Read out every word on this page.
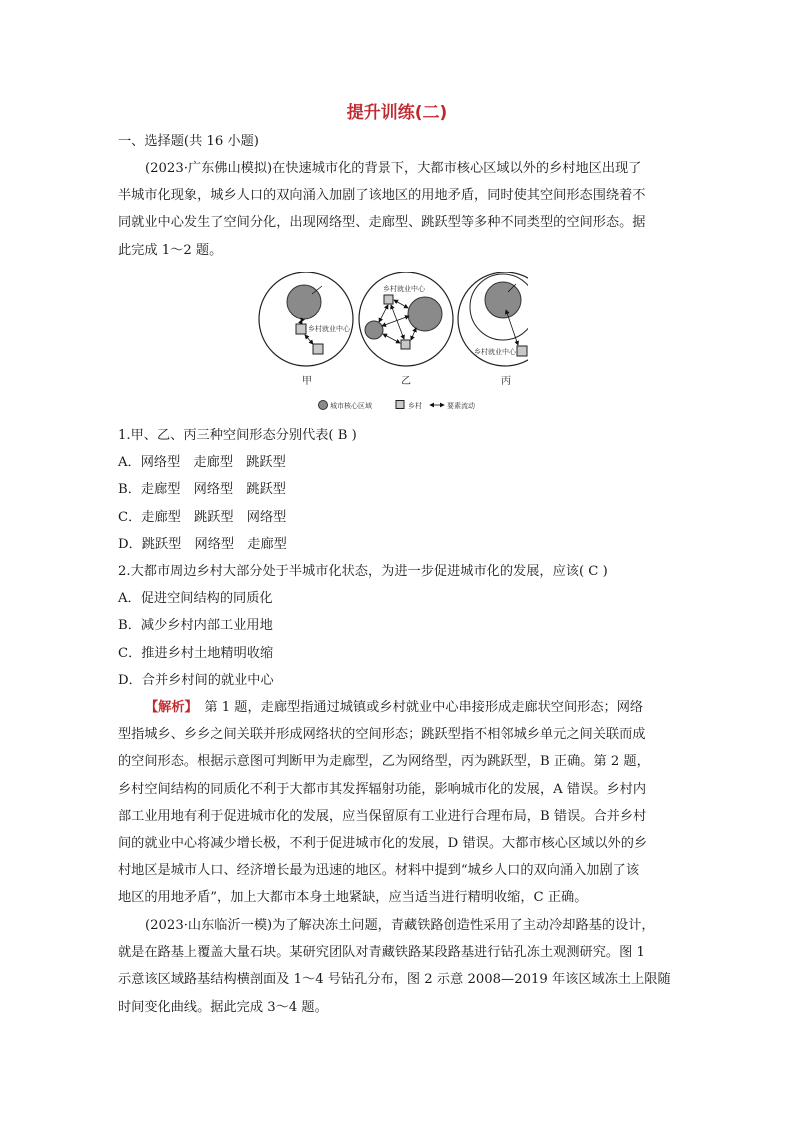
提升训练(二)
一、选择题(共 16 小题)
(2023·广东佛山模拟)在快速城市化的背景下，大都市核心区域以外的乡村地区出现了
半城市化现象，城乡人口的双向涌入加剧了该地区的用地矛盾，同时使其空间形态围绕着不
同就业中心发生了空间分化，出现网络型、走廊型、跳跃型等多种不同类型的空间形态。据
此完成 1～2 题。
乡村就业中心
乡村就业中心
乡村就业中心
甲	乙	丙
城市核心区域	乡村	要素流动
1.甲、乙、丙三种空间形态分别代表( B )
A．网络型　走廊型　跳跃型
B．走廊型　网络型　跳跃型
C．走廊型　跳跃型　网络型
D．跳跃型　网络型　走廊型
2.大都市周边乡村大部分处于半城市化状态，为进一步促进城市化的发展，应该( C )
A．促进空间结构的同质化
B．减少乡村内部工业用地
C．推进乡村土地精明收缩
D．合并乡村间的就业中心
【解析】　第 1 题，走廊型指通过城镇或乡村就业中心串接形成走廊状空间形态；网络
型指城乡、乡乡之间关联并形成网络状的空间形态；跳跃型指不相邻城乡单元之间关联而成
的空间形态。根据示意图可判断甲为走廊型，乙为网络型，丙为跳跃型，B 正确。第 2 题，
乡村空间结构的同质化不利于大都市其发挥辐射功能，影响城市化的发展，A 错误。乡村内
部工业用地有利于促进城市化的发展，应当保留原有工业进行合理布局，B 错误。合并乡村
间的就业中心将减少增长极，不利于促进城市化的发展，D 错误。大都市核心区域以外的乡
村地区是城市人口、经济增长最为迅速的地区。材料中提到“城乡人口的双向涌入加剧了该
地区的用地矛盾”，加上大都市本身土地紧缺，应当适当进行精明收缩，C 正确。
(2023·山东临沂一模)为了解决冻土问题，青藏铁路创造性采用了主动冷却路基的设计，
就是在路基上覆盖大量石块。某研究团队对青藏铁路某段路基进行钻孔冻土观测研究。图 1
示意该区域路基结构横剖面及 1～4 号钻孔分布，图 2 示意 2008—2019 年该区域冻土上限随
时间变化曲线。据此完成 3～4 题。
